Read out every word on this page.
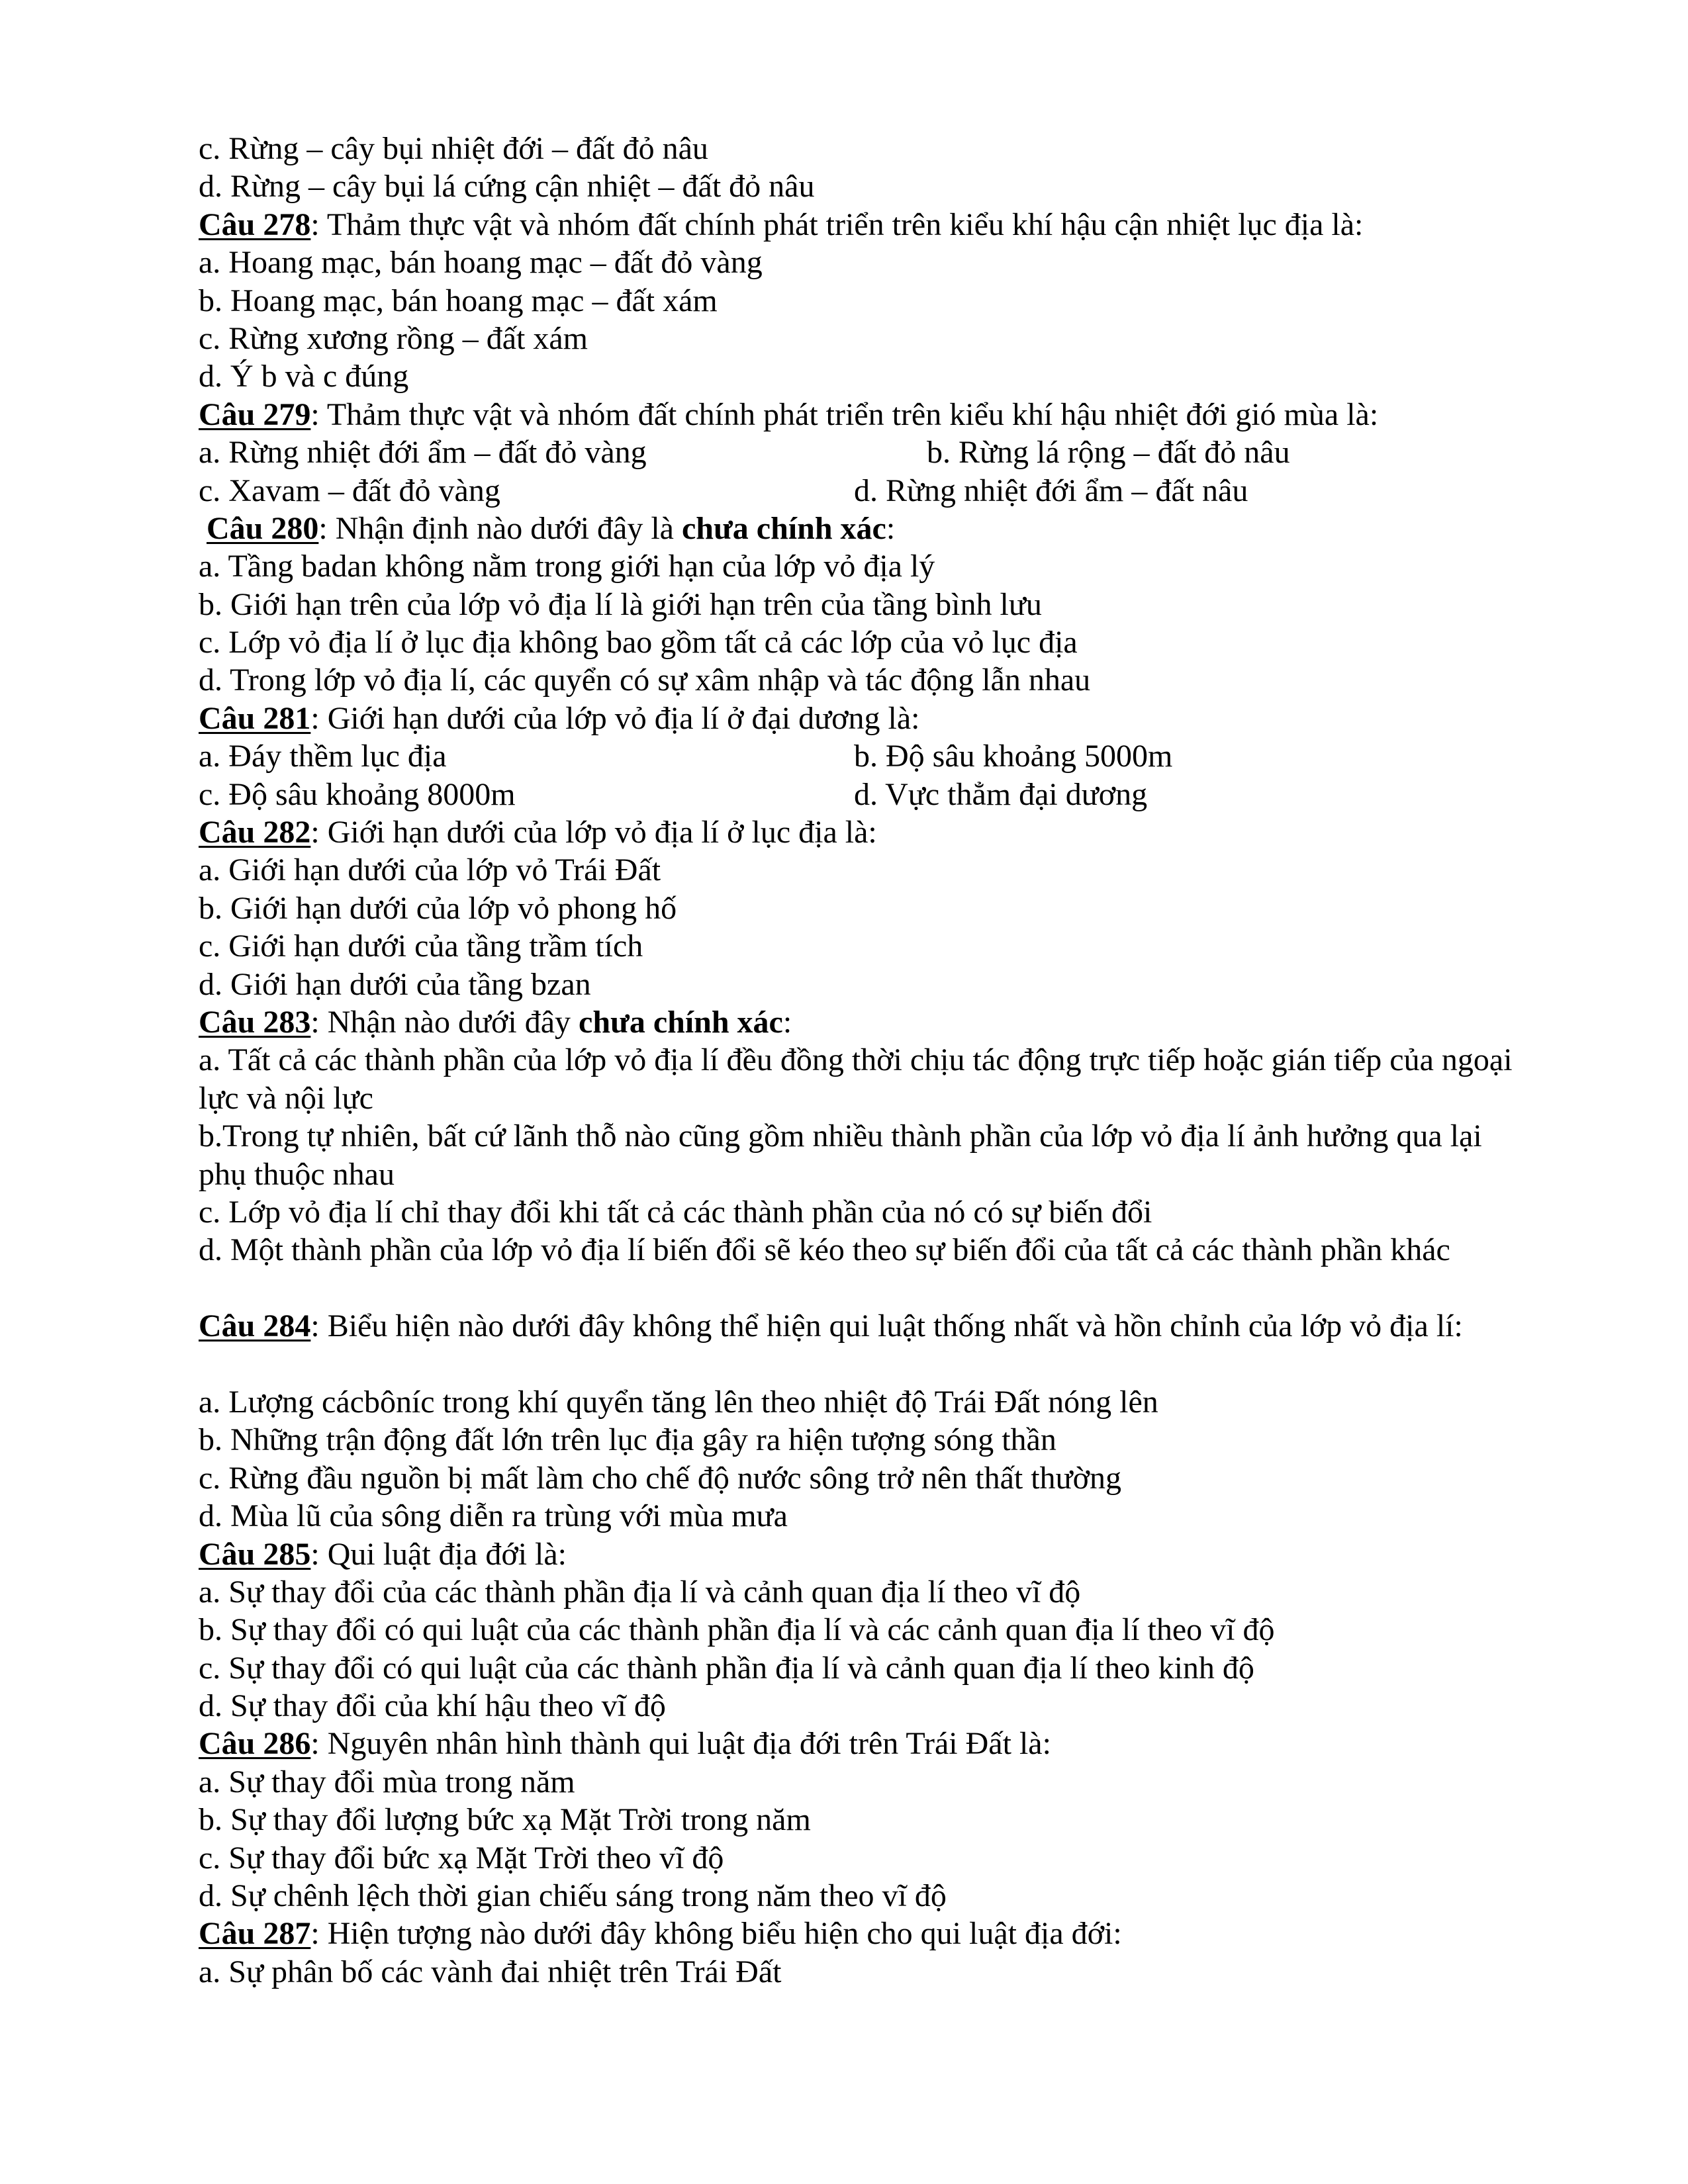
c. Rừng – cây bụi nhiệt đới – đất đỏ nâu
d. Rừng – cây bụi lá cứng cận nhiệt – đất đỏ nâu
Câu 278: Thảm thực vật và nhóm đất chính phát triển trên kiểu khí hậu cận nhiệt lục địa là:
a. Hoang mạc, bán hoang mạc – đất đỏ vàng
b. Hoang mạc, bán hoang mạc – đất xám
c. Rừng xương rồng – đất xám
d. Ý b và c đúng
Câu 279: Thảm thực vật và nhóm đất chính phát triển trên kiểu khí hậu nhiệt đới gió mùa là:
a. Rừng nhiệt đới ẩm – đất đỏ vàng	b. Rừng lá rộng – đất đỏ nâu
c. Xavam – đất đỏ vàng	d. Rừng nhiệt đới ẩm – đất nâu
Câu 280: Nhận định nào dưới đây là chưa chính xác:
a. Tầng badan không nằm trong giới hạn của lớp vỏ địa lý
b. Giới hạn trên của lớp vỏ địa lí là giới hạn trên của tầng bình lưu
c. Lớp vỏ địa lí ở lục địa không bao gồm tất cả các lớp của vỏ lục địa
d. Trong lớp vỏ địa lí, các quyển có sự xâm nhập và tác động lẫn nhau
Câu 281: Giới hạn dưới của lớp vỏ địa lí ở đại dương là:
a. Đáy thềm lục địa	b. Độ sâu khoảng 5000m
c. Độ sâu khoảng 8000m	d. Vực thẳm đại dương
Câu 282: Giới hạn dưới của lớp vỏ địa lí ở lục địa là:
a. Giới hạn dưới của lớp vỏ Trái Đất
b. Giới hạn dưới của lớp vỏ phong hố
c. Giới hạn dưới của tầng trầm tích
d. Giới hạn dưới của tầng bzan
Câu 283: Nhận nào dưới đây chưa chính xác:
a. Tất cả các thành phần của lớp vỏ địa lí đều đồng thời chịu tác động trực tiếp hoặc gián tiếp của ngoại lực và nội lực
b.Trong tự nhiên, bất cứ lãnh thỗ nào cũng gồm nhiều thành phần của lớp vỏ địa lí ảnh hưởng qua lại phụ thuộc nhau
c. Lớp vỏ địa lí chỉ thay đổi khi tất cả các thành phần của nó có sự biến đổi
d. Một thành phần của lớp vỏ địa lí biến đổi sẽ kéo theo sự biến đổi của tất cả các thành phần khác
Câu 284: Biểu hiện nào dưới đây không thể hiện qui luật thống nhất và hồn chỉnh của lớp vỏ địa lí:
a. Lượng cácbôníc trong khí quyển tăng lên theo nhiệt độ Trái Đất nóng lên
b. Những trận động đất lớn trên lục địa gây ra hiện tượng sóng thần
c. Rừng đầu nguồn bị mất làm cho chế độ nước sông trở nên thất thường
d. Mùa lũ của sông diễn ra trùng với mùa mưa
Câu 285: Qui luật địa đới là:
a. Sự thay đổi của các thành phần địa lí và cảnh quan địa lí theo vĩ độ
b. Sự thay đổi có qui luật của các thành phần địa lí và các cảnh quan địa lí theo vĩ độ
c. Sự thay đổi có qui luật của các thành phần địa lí và cảnh quan địa lí theo kinh độ
d. Sự thay đổi của khí hậu theo vĩ độ
Câu 286: Nguyên nhân hình thành qui luật địa đới trên Trái Đất là:
a. Sự thay đổi mùa trong năm
b. Sự thay đổi lượng bức xạ Mặt Trời trong năm
c. Sự thay đổi bức xạ Mặt Trời theo vĩ độ
d. Sự chênh lệch thời gian chiếu sáng trong năm theo vĩ độ
Câu 287: Hiện tượng nào dưới đây không biểu hiện cho qui luật địa đới:
a. Sự phân bố các vành đai nhiệt trên Trái Đất
